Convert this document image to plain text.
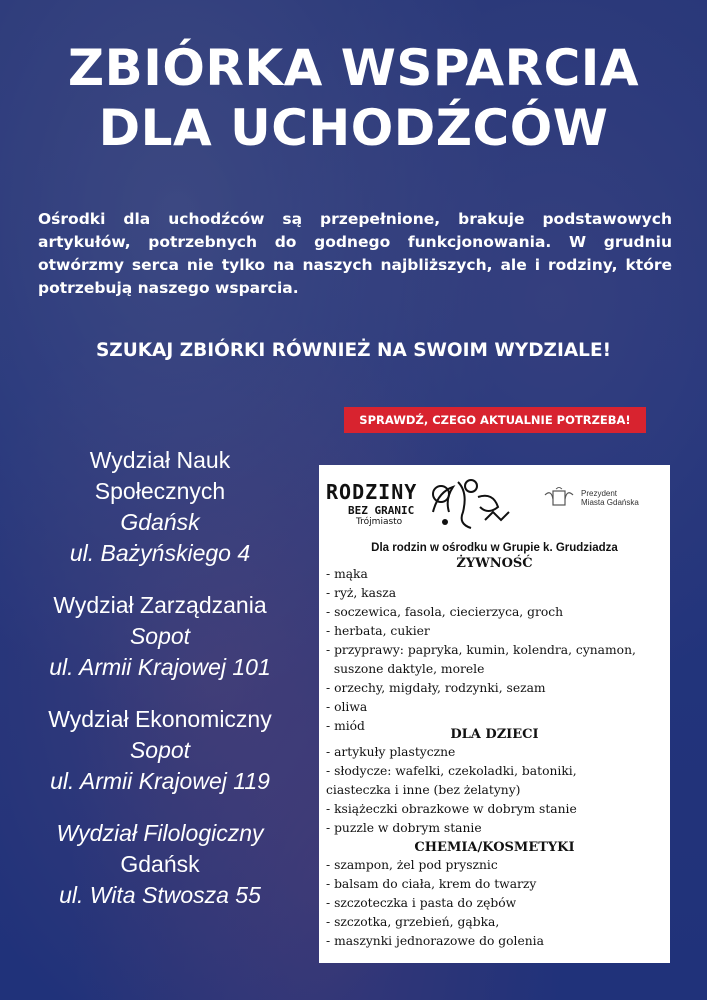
ZBIÓRKA WSPARCIA
DLA UCHODŹCÓW
Ośrodki dla uchodźców są przepełnione, brakuje podstawowych artykułów, potrzebnych do godnego funkcjonowania. W grudniu otwórzmy serca nie tylko na naszych najbliższych, ale i rodziny, które potrzebują naszego wsparcia.
SZUKAJ ZBIÓRKI RÓWNIEŻ NA SWOIM WYDZIALE!
SPRAWDŹ, CZEGO AKTUALNIE POTRZEBA!
Wydział Nauk
Społecznych
Gdańsk
ul. Bażyńskiego 4
Wydział Zarządzania
Sopot
ul. Armii Krajowej 101
Wydział Ekonomiczny
Sopot
ul. Armii Krajowej 119
Wydział Filologiczny
Gdańsk
ul. Wita Stwosza 55
RODZINY
BEZ GRANIC
Trójmiasto
Prezydent
Miasta Gdańska
Dla rodzin w ośrodku w Grupie k. Grudziadza
ŻYWNOŚĆ
- mąka
- ryż, kasza
- soczewica, fasola, ciecierzyca, groch
- herbata, cukier
- przyprawy: papryka, kumin, kolendra, cynamon,
suszone daktyle, morele
- orzechy, migdały, rodzynki, sezam
- oliwa
- miód
DLA DZIECI
- artykuły plastyczne
- słodycze: wafelki, czekoladki, batoniki,
ciasteczka i inne (bez żelatyny)
- książeczki obrazkowe w dobrym stanie
- puzzle w dobrym stanie
CHEMIA/KOSMETYKI
- szampon, żel pod prysznic
- balsam do ciała, krem do twarzy
- szczoteczka i pasta do zębów
- szczotka, grzebień, gąbka,
- maszynki jednorazowe do golenia
